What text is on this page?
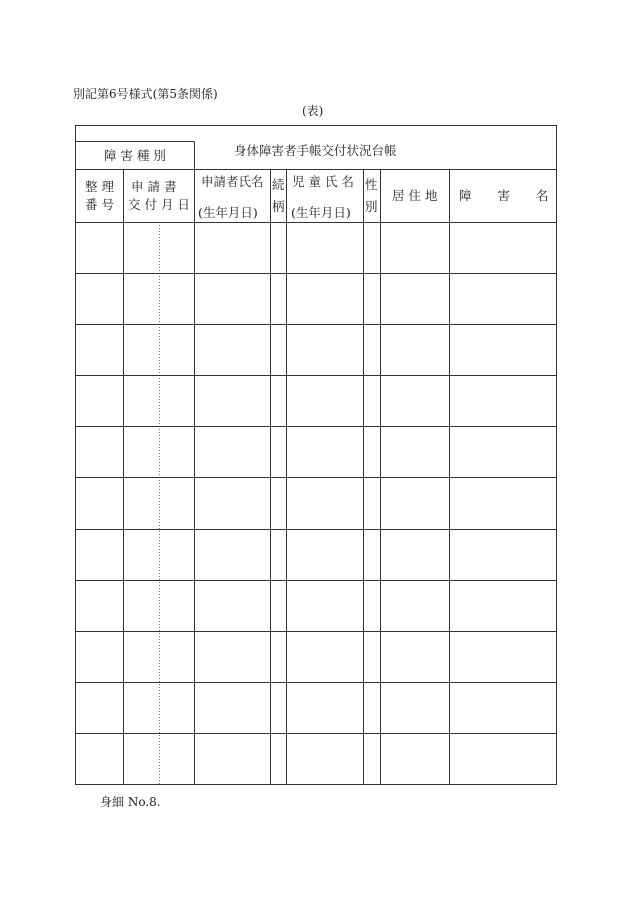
別記第6号様式(第5条関係)
(表)
障 害 種 別	身体障害者手帳交付状況台帳
整 理
番 号
申 請 書
交 付 月 日
申請者氏名
(生年月日)
続
柄
児 童 氏 名
(生年月日)
性
別
居 住 地 障 害 名
身細 No.8.
